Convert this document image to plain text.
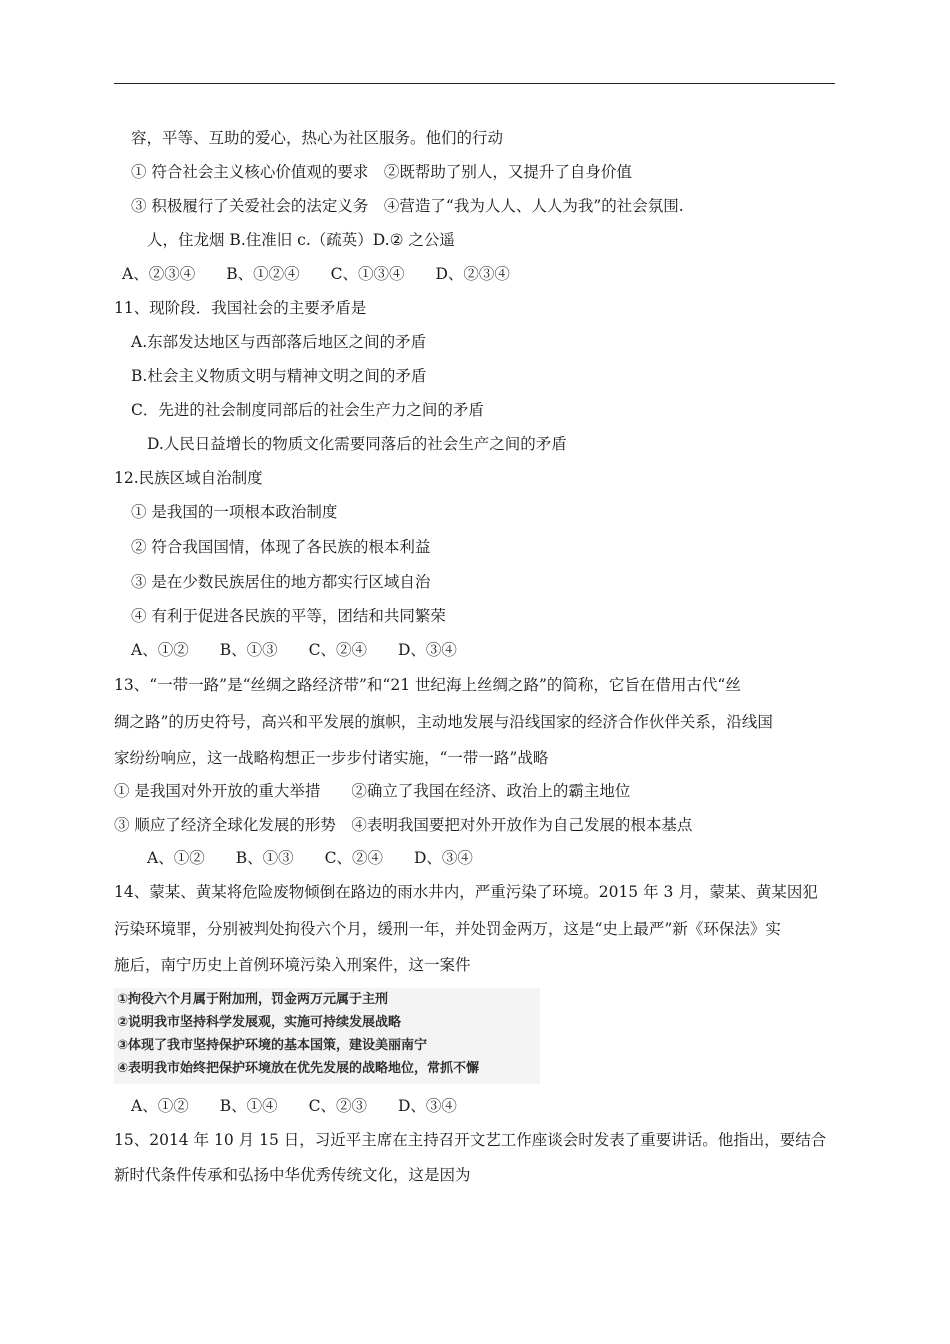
容，平等、互助的爱心，热心为社区服务。他们的行动
① 符合社会主义核心价值观的要求　②既帮助了别人，又提升了自身价值
③ 积极履行了关爱社会的法定义务　④营造了“我为人人、人人为我”的社会氛围.
人，住龙烟 B.住准旧 c.（疏英）D.② 之公遥
A、②③④　　B、①②④　　C、①③④　　D、②③④
11、现阶段．我国社会的主要矛盾是
A.东部发达地区与西部落后地区之间的矛盾
B.杜会主义物质文明与精神文明之间的矛盾
C．先进的社会制度同部后的社会生产力之间的矛盾
D.人民日益增长的物质文化需要同落后的社会生产之间的矛盾
12.民族区域自治制度
① 是我国的一项根本政治制度
② 符合我国国情，体现了各民族的根本利益
③ 是在少数民族居住的地方都实行区域自治
④ 有利于促进各民族的平等，团结和共同繁荣
A、①②　　B、①③　　C、②④　　D、③④
13、“一带一路”是“丝绸之路经济带”和“21 世纪海上丝绸之路”的简称，它旨在借用古代“丝
绸之路”的历史符号，高兴和平发展的旗帜，主动地发展与沿线国家的经济合作伙伴关系，沿线国
家纷纷响应，这一战略构想正一步步付诸实施，“一带一路”战略
① 是我国对外开放的重大举措　　②确立了我国在经济、政治上的霸主地位
③ 顺应了经济全球化发展的形势　④表明我国要把对外开放作为自己发展的根本基点
A、①②　　B、①③　　C、②④　　D、③④
14、蒙某、黄某将危险废物倾倒在路边的雨水井内，严重污染了环境。2015 年 3 月，蒙某、黄某因犯
污染环境罪，分别被判处拘役六个月，缓刑一年，并处罚金两万，这是“史上最严”新《环保法》实
施后，南宁历史上首例环境污染入刑案件，这一案件
①拘役六个月属于附加刑，罚金两万元属于主刑
②说明我市坚持科学发展观，实施可持续发展战略
③体现了我市坚持保护环境的基本国策，建设美丽南宁
④表明我市始终把保护环境放在优先发展的战略地位，常抓不懈
A、①②　　B、①④　　C、②③　　D、③④
15、2014 年 10 月 15 日，习近平主席在主持召开文艺工作座谈会时发表了重要讲话。他指出，要结合
新时代条件传承和弘扬中华优秀传统文化，这是因为
